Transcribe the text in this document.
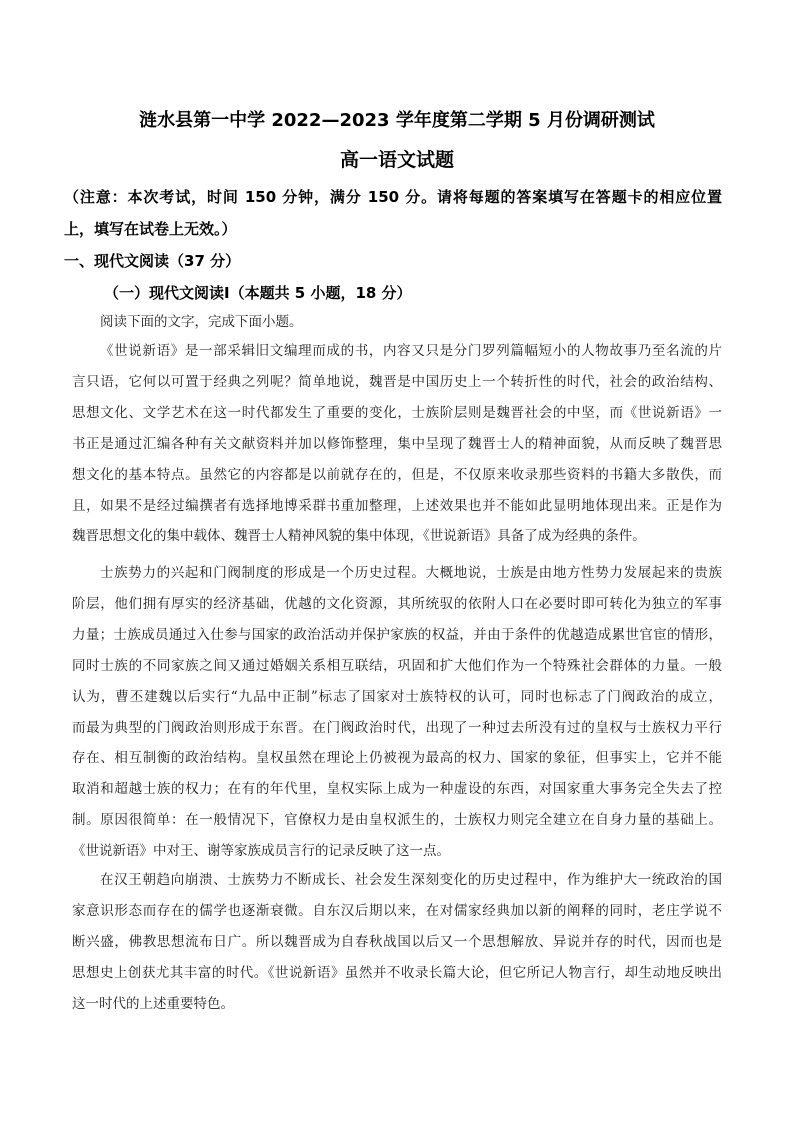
涟水县第一中学 2022—2023 学年度第二学期 5 月份调研测试
高一语文试题
（注意：本次考试，时间 150 分钟，满分 150 分。请将每题的答案填写在答题卡的相应位置
上，填写在试卷上无效。）
一、现代文阅读（37 分）
（一）现代文阅读Ⅰ（本题共 5 小题，18 分）
阅读下面的文字，完成下面小题。
《世说新语》是一部采辑旧文编理而成的书，内容又只是分门罗列篇幅短小的人物故事乃至名流的片
言只语，它何以可置于经典之列呢？简单地说，魏晋是中国历史上一个转折性的时代，社会的政治结构、
思想文化、文学艺术在这一时代都发生了重要的变化，士族阶层则是魏晋社会的中坚，而《世说新语》一
书正是通过汇编各种有关文献资料并加以修饰整理，集中呈现了魏晋士人的精神面貌，从而反映了魏晋思
想文化的基本特点。虽然它的内容都是以前就存在的，但是，不仅原来收录那些资料的书籍大多散佚，而
且，如果不是经过编撰者有选择地博采群书重加整理，上述效果也并不能如此显明地体现出来。正是作为
魏晋思想文化的集中载体、魏晋士人精神风貌的集中体现，《世说新语》具备了成为经典的条件。
士族势力的兴起和门阀制度的形成是一个历史过程。大概地说，士族是由地方性势力发展起来的贵族
阶层，他们拥有厚实的经济基础，优越的文化资源，其所统驭的依附人口在必要时即可转化为独立的军事
力量；士族成员通过入仕参与国家的政治活动并保护家族的权益，并由于条件的优越造成累世官宦的情形，
同时士族的不同家族之间又通过婚姻关系相互联结，巩固和扩大他们作为一个特殊社会群体的力量。一般
认为，曹丕建魏以后实行“九品中正制”标志了国家对士族特权的认可，同时也标志了门阀政治的成立，
而最为典型的门阀政治则形成于东晋。在门阀政治时代，出现了一种过去所没有过的皇权与士族权力平行
存在、相互制衡的政治结构。皇权虽然在理论上仍被视为最高的权力、国家的象征，但事实上，它并不能
取消和超越士族的权力；在有的年代里，皇权实际上成为一种虚设的东西，对国家重大事务完全失去了控
制。原因很简单：在一般情况下，官僚权力是由皇权派生的，士族权力则完全建立在自身力量的基础上。
《世说新语》中对王、谢等家族成员言行的记录反映了这一点。
在汉王朝趋向崩溃、士族势力不断成长、社会发生深刻变化的历史过程中，作为维护大一统政治的国
家意识形态而存在的儒学也逐渐衰微。自东汉后期以来，在对儒家经典加以新的阐释的同时，老庄学说不
断兴盛，佛教思想流布日广。所以魏晋成为自春秋战国以后又一个思想解放、异说并存的时代，因而也是
思想史上创获尤其丰富的时代。《世说新语》虽然并不收录长篇大论，但它所记人物言行，却生动地反映出
这一时代的上述重要特色。
